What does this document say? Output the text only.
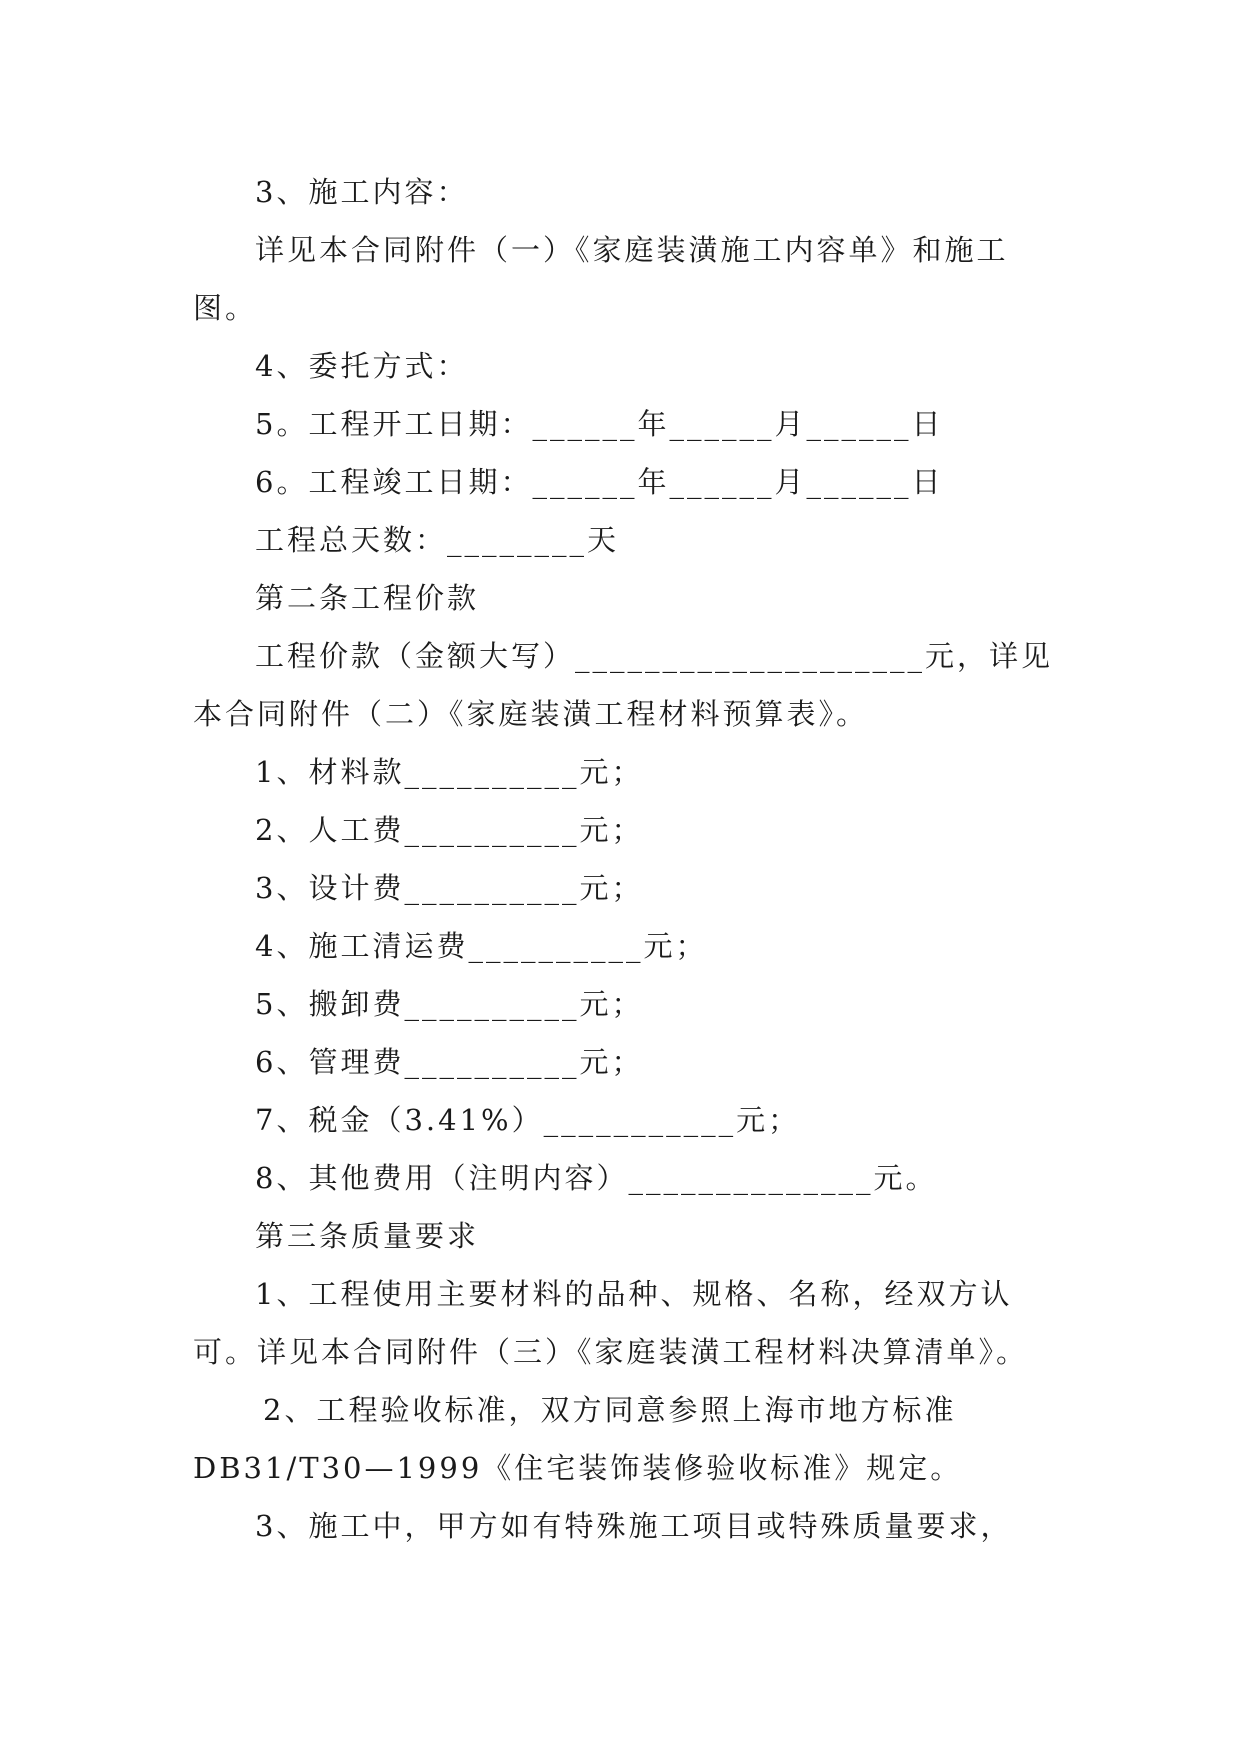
3、施工内容：
详见本合同附件（一）《家庭装潢施工内容单》和施工
图。
4、委托方式：
5。工程开工日期：______年______月______日
6。工程竣工日期：______年______月______日
工程总天数：________天
第二条工程价款
工程价款（金额大写）____________________元，详见
本合同附件（二）《家庭装潢工程材料预算表》。
1、材料款__________元；
2、人工费__________元；
3、设计费__________元；
4、施工清运费__________元；
5、搬卸费__________元；
6、管理费__________元；
7、税金（3.41%）___________元；
8、其他费用（注明内容）______________元。
第三条质量要求
1、工程使用主要材料的品种、规格、名称，经双方认
可。详见本合同附件（三）《家庭装潢工程材料决算清单》。
2、工程验收标准，双方同意参照上海市地方标准
DB31/T30—1999《住宅装饰装修验收标准》规定。
3、施工中，甲方如有特殊施工项目或特殊质量要求，
